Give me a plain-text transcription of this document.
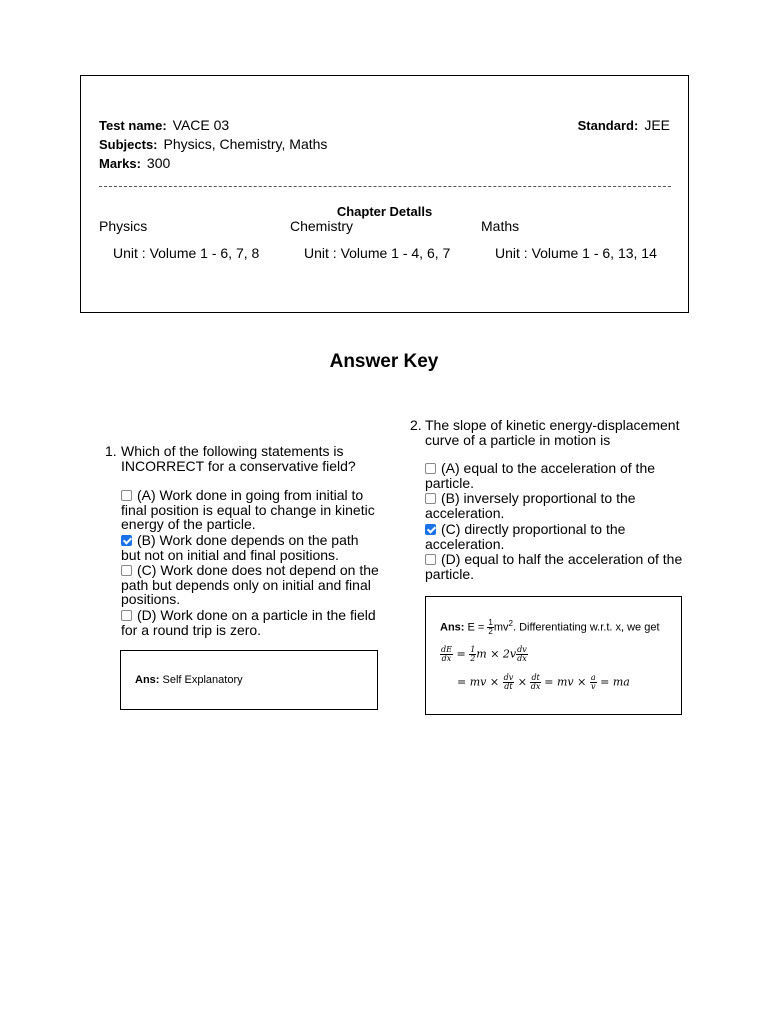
Test name: VACE 03	Standard: JEE
Subjects: Physics, Chemistry, Maths
Marks: 300
Chapter Detalls
Physics	Chemistry	Maths
Unit : Volume 1 - 6, 7, 8	Unit : Volume 1 - 4, 6, 7	Unit : Volume 1 - 6, 13, 14
Answer Key
1. Which of the following statements is INCORRECT for a conservative field?
(A) Work done in going from initial to final position is equal to change in kinetic energy of the particle.
(B) Work done depends on the path but not on initial and final positions.
(C) Work done does not depend on the path but depends only on initial and final positions.
(D) Work done on a particle in the field for a round trip is zero.
Ans: Self Explanatory
2. The slope of kinetic energy-displacement curve of a particle in motion is
(A) equal to the acceleration of the particle.
(B) inversely proportional to the acceleration.
(C) directly proportional to the acceleration.
(D) equal to half the acceleration of the particle.
Ans: $E = \frac{1}{2} mv^2$. Differentiating w.r.t. x, we get
$\frac{dE}{dx} = \frac{1}{2}$ $m \times 2v \frac{dv}{dx}$
= mv × $\frac{dv}{dt} \times \frac{dt}{dx}$ = mv × $\frac{a}{v}$ = ma
